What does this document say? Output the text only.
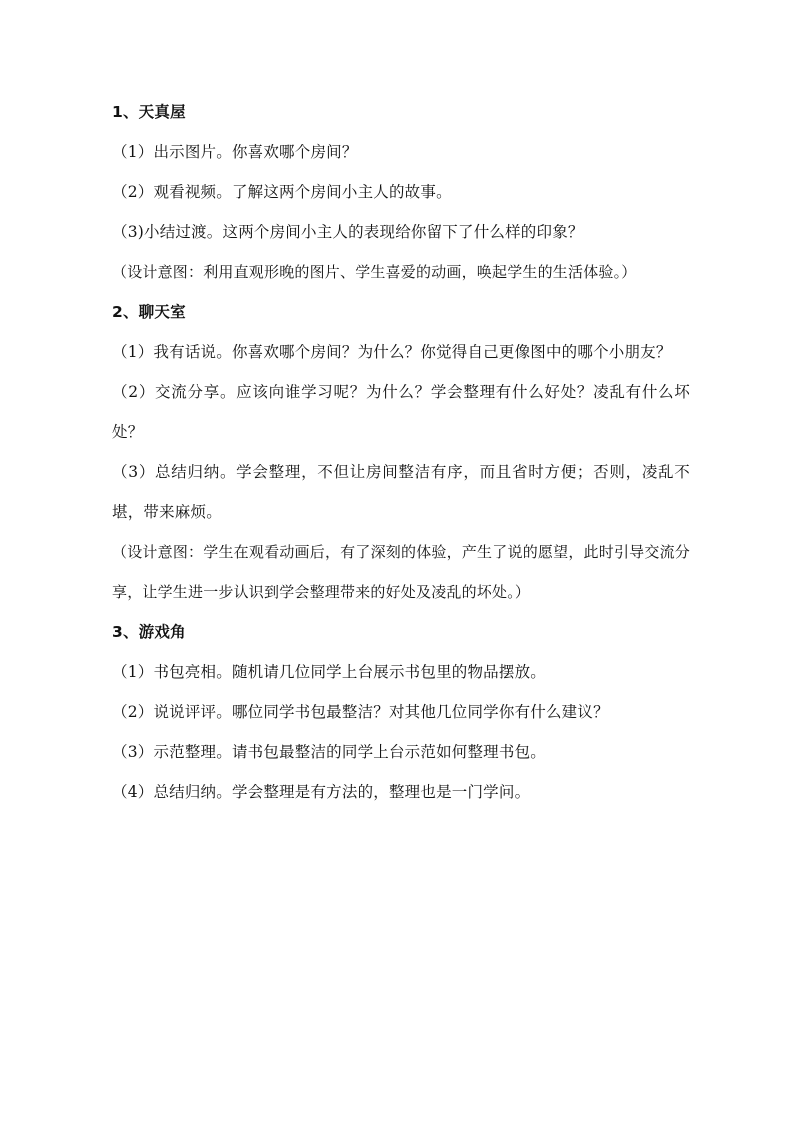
1、天真屋

（1）出示图片。你喜欢哪个房间？

（2）观看视频。了解这两个房间小主人的故事。

（3)小结过渡。这两个房间小主人的表现给你留下了什么样的印象？

（设计意图：利用直观形晚的图片、学生喜爱的动画，唤起学生的生活体验。）

2、聊天室

（1）我有话说。你喜欢哪个房间？为什么？你觉得自己更像图中的哪个小朋友？

（2）交流分享。应该向谁学习呢？为什么？学会整理有什么好处？凌乱有什么坏处？

（3）总结归纳。学会整理，不但让房间整洁有序，而且省时方便；否则，凌乱不堪，带来麻烦。

（设计意图：学生在观看动画后，有了深刻的体验，产生了说的愿望，此时引导交流分享，让学生进一步认识到学会整理带来的好处及凌乱的坏处。）

3、游戏角

（1）书包亮相。随机请几位同学上台展示书包里的物品摆放。

（2）说说评评。哪位同学书包最整洁？对其他几位同学你有什么建议？

（3）示范整理。请书包最整洁的同学上台示范如何整理书包。

（4）总结归纳。学会整理是有方法的，整理也是一门学问。
